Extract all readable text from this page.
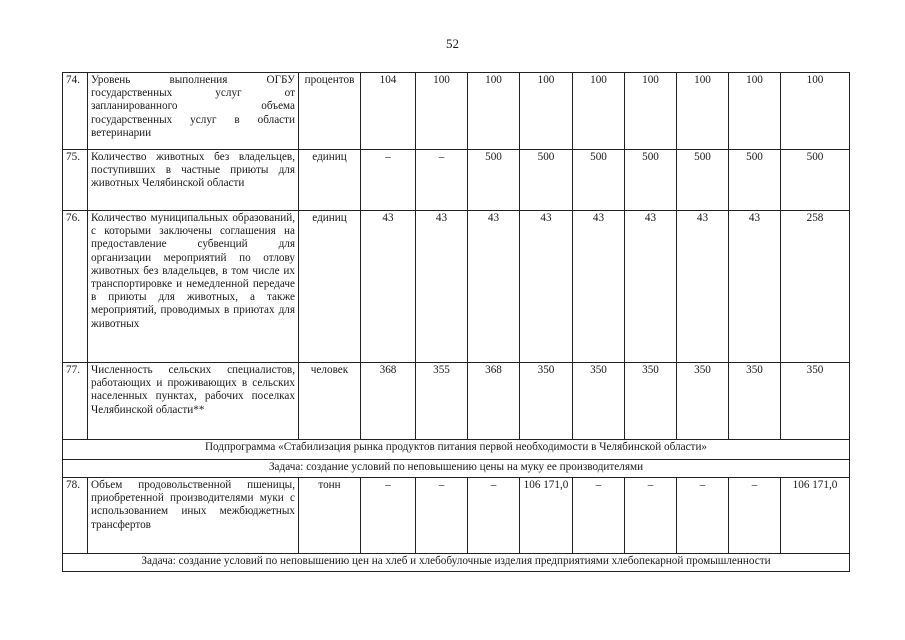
52
74.	Уровень выполнения ОГБУ государственных услуг от запланированного объема государственных услуг в области ветеринарии	процентов	104	100	100	100	100	100	100	100	100
75.	Количество животных без владельцев, поступивших в частные приюты для животных Челябинской области	единиц	–	–	500	500	500	500	500	500	500
76.	Количество муниципальных образований, с которыми заключены соглашения на предоставление субвенций для организации мероприятий по отлову животных без владельцев, в том числе их транспортировке и немедленной передаче в приюты для животных, а также мероприятий, проводимых в приютах для животных	единиц	43	43	43	43	43	43	43	43	258
77.	Численность сельских специалистов, работающих и проживающих в сельских населенных пунктах, рабочих поселках Челябинской области**	человек	368	355	368	350	350	350	350	350	350
Подпрограмма «Стабилизация рынка продуктов питания первой необходимости в Челябинской области»											
Задача: создание условий по неповышению цены на муку ее производителями											
78.	Объем продовольственной пшеницы, приобретенной производителями муки с использованием иных межбюджетных трансфертов	тонн	–	–	–	106 171,0	–	–	–	–	106 171,0
Задача: создание условий по неповышению цен на хлеб и хлебобулочные изделия предприятиями хлебопекарной промышленности											
